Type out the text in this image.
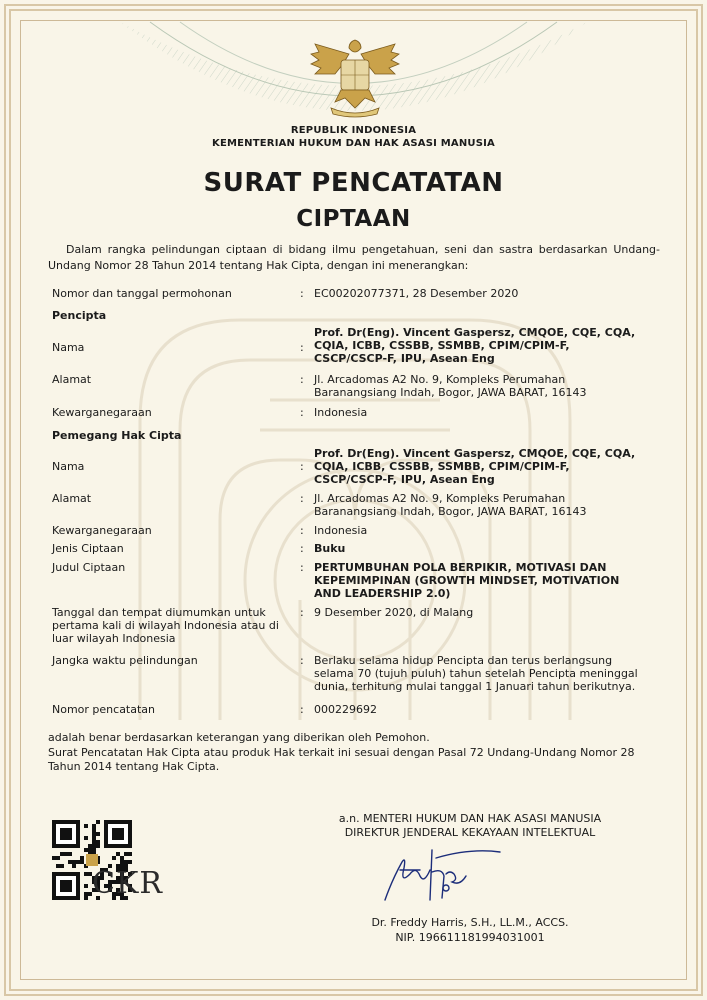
REPUBLIK INDONESIA
KEMENTERIAN HUKUM DAN HAK ASASI MANUSIA
SURAT PENCATATAN
CIPTAAN
Dalam rangka pelindungan ciptaan di bidang ilmu pengetahuan, seni dan sastra berdasarkan Undang-Undang Nomor 28 Tahun 2014 tentang Hak Cipta, dengan ini menerangkan:
Nomor dan tanggal permohonan	: EC00202077371, 28 Desember 2020
Pencipta
Nama	:
Prof. Dr(Eng). Vincent Gaspersz, CMQOE, CQE, CQA,
CQIA, ICBB, CSSBB, SSMBB, CPIM/CPIM-F,
CSCP/CSCP-F, IPU, Asean Eng
Alamat	: Jl. Arcadomas A2 No. 9, Kompleks Perumahan
Baranangsiang Indah, Bogor, JAWA BARAT, 16143
Kewarganegaraan	: Indonesia
Pemegang Hak Cipta
Nama	:
Prof. Dr(Eng). Vincent Gaspersz, CMQOE, CQE, CQA,
CQIA, ICBB, CSSBB, SSMBB, CPIM/CPIM-F,
CSCP/CSCP-F, IPU, Asean Eng
Alamat	: Jl. Arcadomas A2 No. 9, Kompleks Perumahan
Baranangsiang Indah, Bogor, JAWA BARAT, 16143
Kewarganegaraan	: Indonesia
Jenis Ciptaan	: Buku
Judul Ciptaan	: PERTUMBUHAN POLA BERPIKIR, MOTIVASI DAN
KEPEMIMPINAN (GROWTH MINDSET, MOTIVATION
AND LEADERSHIP 2.0)
Tanggal dan tempat diumumkan untuk
pertama kali di wilayah Indonesia atau di
luar wilayah Indonesia
: 9 Desember 2020, di Malang
Jangka waktu pelindungan	: Berlaku selama hidup Pencipta dan terus berlangsung
selama 70 (tujuh puluh) tahun setelah Pencipta meninggal
dunia, terhitung mulai tanggal 1 Januari tahun berikutnya.
Nomor pencatatan	: 000229692
adalah benar berdasarkan keterangan yang diberikan oleh Pemohon.
Surat Pencatatan Hak Cipta atau produk Hak terkait ini sesuai dengan Pasal 72 Undang-Undang Nomor 28
Tahun 2014 tentang Hak Cipta.
a.n. MENTERI HUKUM DAN HAK ASASI MANUSIA
DIREKTUR JENDERAL KEKAYAAN INTELEKTUAL
Dr. Freddy Harris, S.H., LL.M., ACCS.
NIP. 196611181994031001
CKR
